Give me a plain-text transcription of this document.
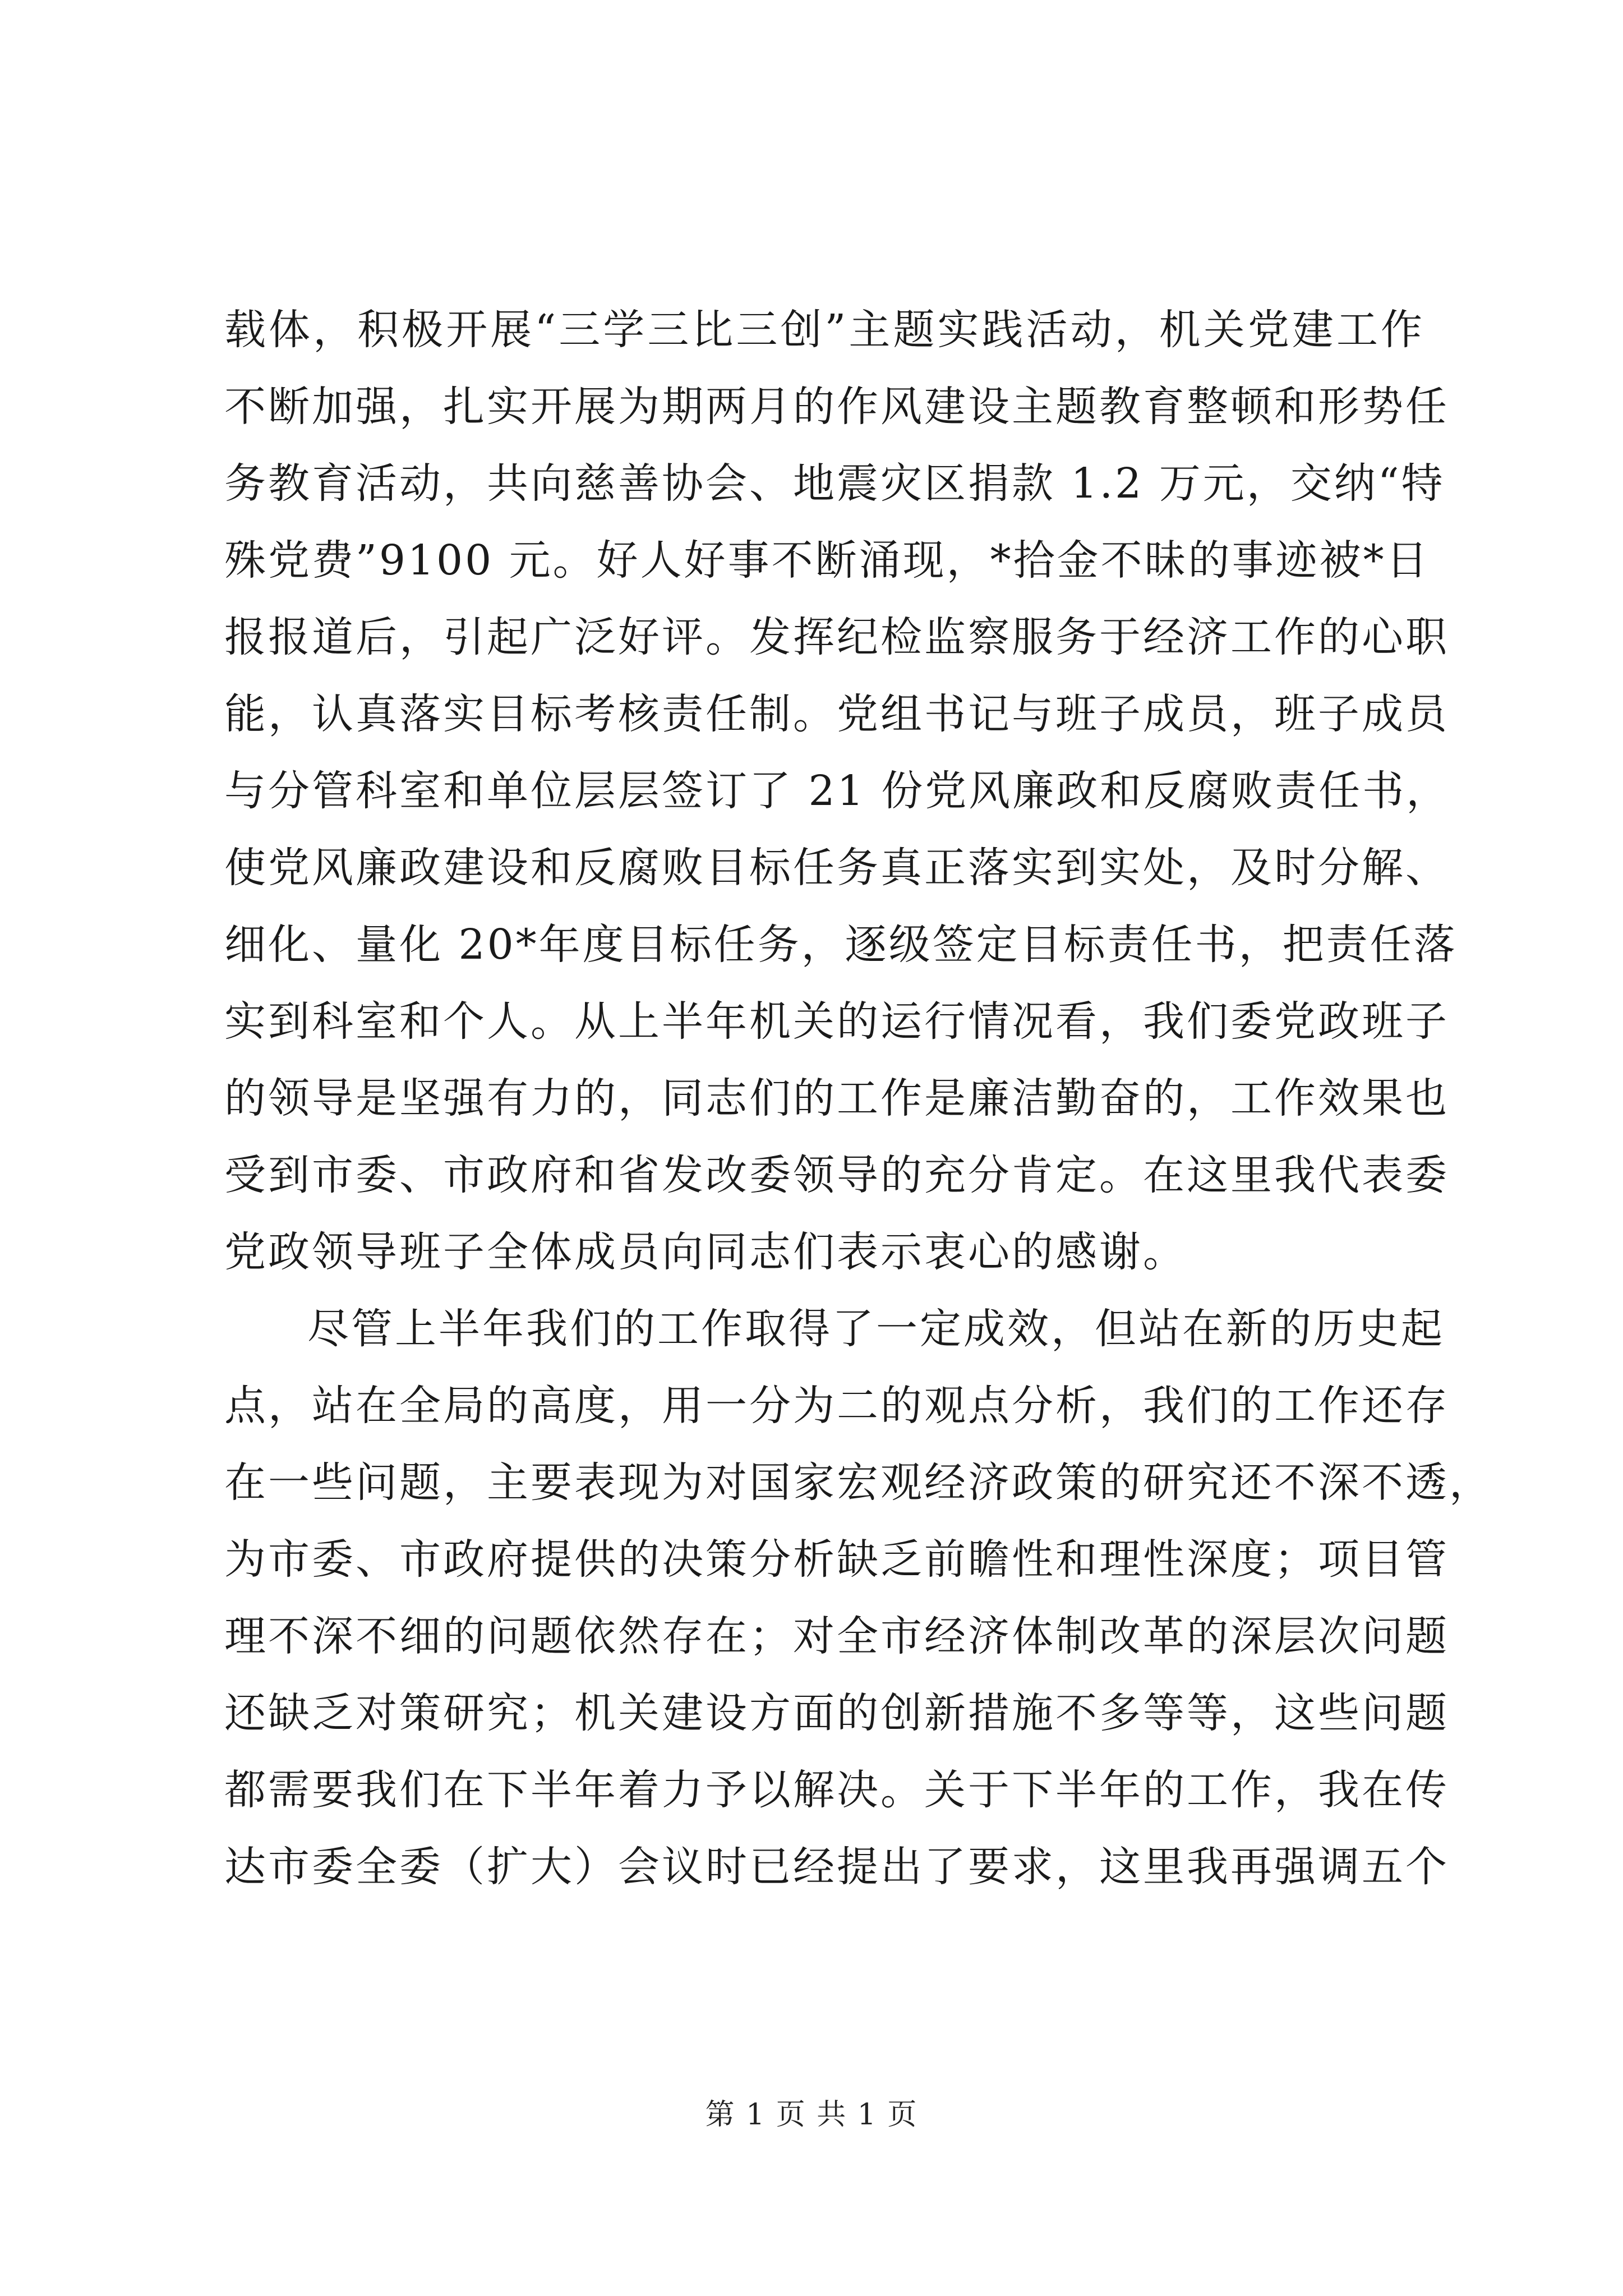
载体，积极开展“三学三比三创”主题实践活动，机关党建工作
不断加强，扎实开展为期两月的作风建设主题教育整顿和形势任
务教育活动，共向慈善协会、地震灾区捐款 1.2 万元，交纳“特
殊党费”9100 元。好人好事不断涌现，*拾金不昧的事迹被*日
报报道后，引起广泛好评。发挥纪检监察服务于经济工作的心职
能，认真落实目标考核责任制。党组书记与班子成员，班子成员
与分管科室和单位层层签订了 21 份党风廉政和反腐败责任书，
使党风廉政建设和反腐败目标任务真正落实到实处，及时分解、
细化、量化 20*年度目标任务，逐级签定目标责任书，把责任落
实到科室和个人。从上半年机关的运行情况看，我们委党政班子
的领导是坚强有力的，同志们的工作是廉洁勤奋的，工作效果也
受到市委、市政府和省发改委领导的充分肯定。在这里我代表委
党政领导班子全体成员向同志们表示衷心的感谢。
尽管上半年我们的工作取得了一定成效，但站在新的历史起
点，站在全局的高度，用一分为二的观点分析，我们的工作还存
在一些问题，主要表现为对国家宏观经济政策的研究还不深不透，
为市委、市政府提供的决策分析缺乏前瞻性和理性深度；项目管
理不深不细的问题依然存在；对全市经济体制改革的深层次问题
还缺乏对策研究；机关建设方面的创新措施不多等等，这些问题
都需要我们在下半年着力予以解决。关于下半年的工作，我在传
达市委全委（扩大）会议时已经提出了要求，这里我再强调五个
第 1 页 共 1 页
